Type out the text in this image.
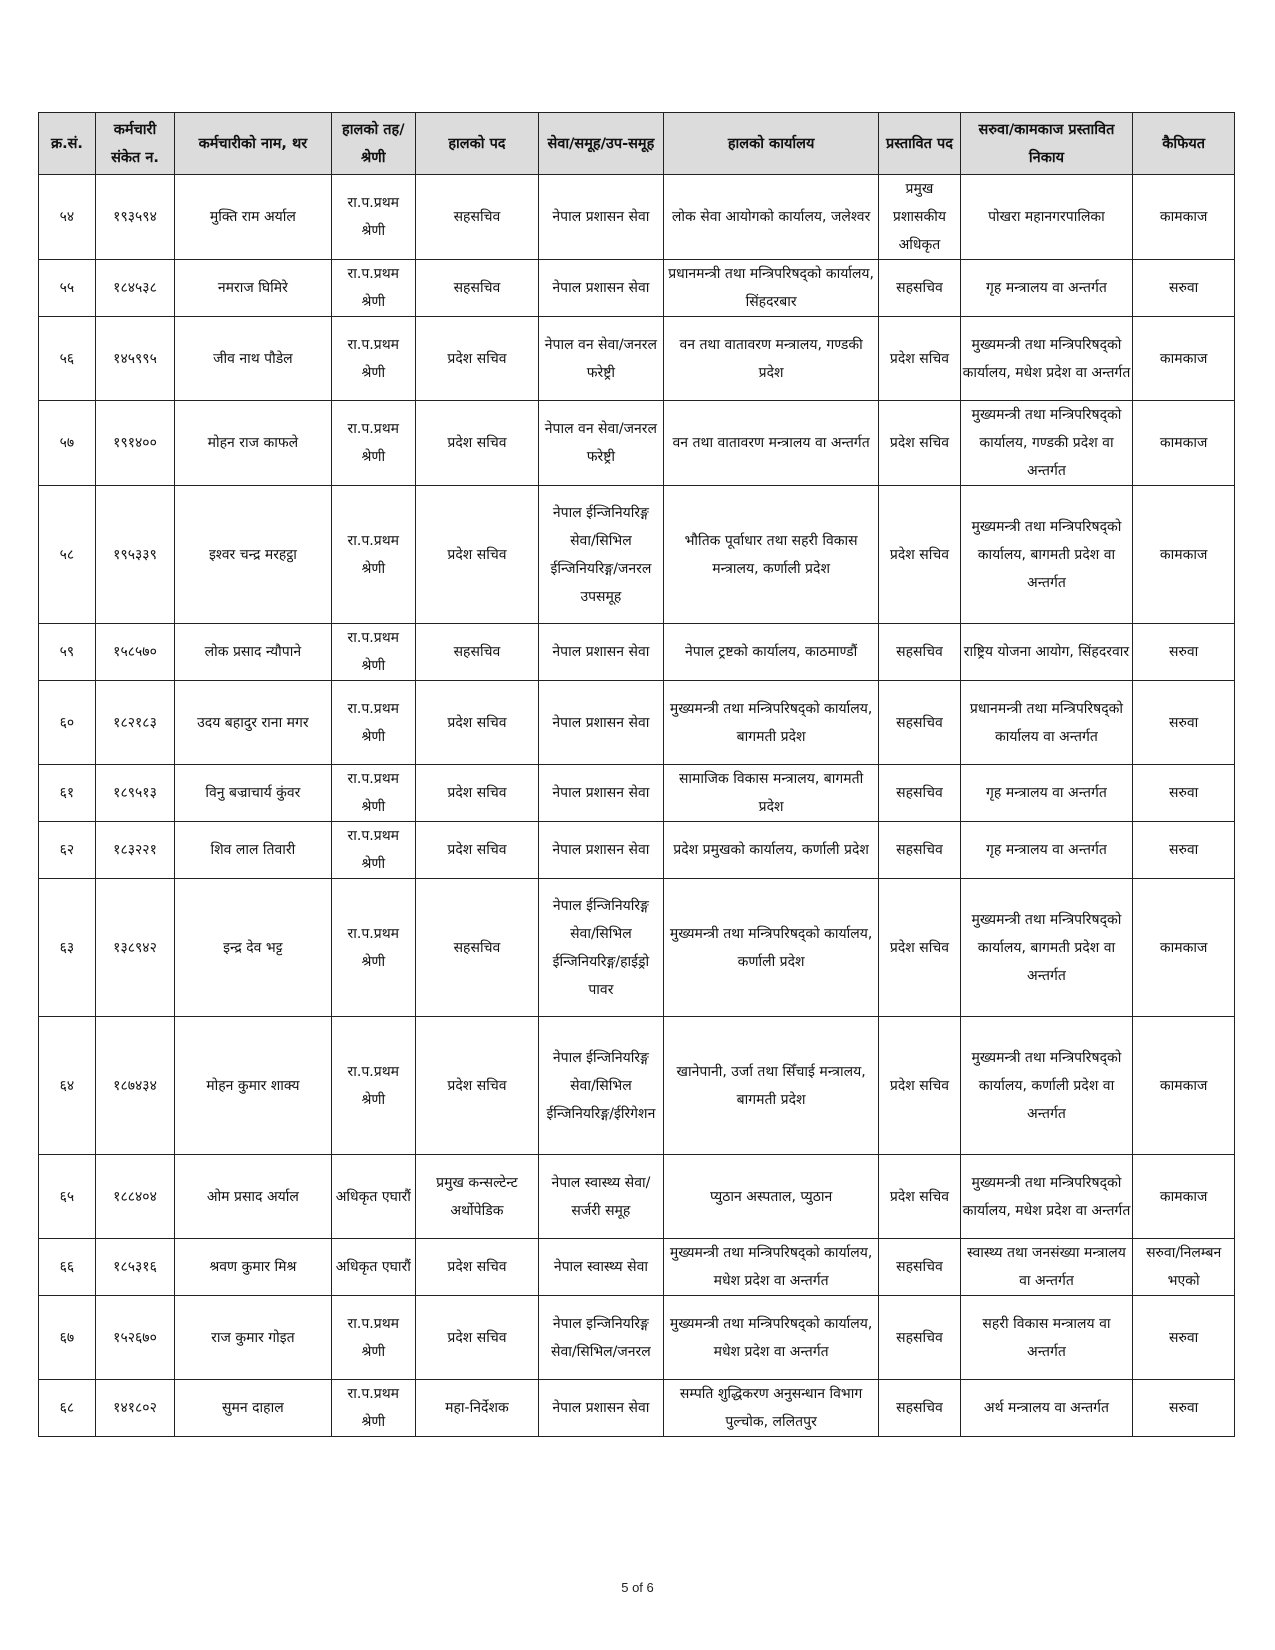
क्र.सं.	कर्मचारी संकेत न.	कर्मचारीको नाम, थर	हालको तह/श्रेणी	हालको पद	सेवा/समूह/उप-समूह	हालको कार्यालय	प्रस्तावित पद	सरुवा/कामकाज प्रस्तावित निकाय	कैफियत
५४	१९३५९४	मुक्ति राम अर्याल	रा.प.प्रथम श्रेणी	सहसचिव	नेपाल प्रशासन सेवा	लोक सेवा आयोगको कार्यालय, जलेश्वर	प्रमुख प्रशासकीय अधिकृत	पोखरा महानगरपालिका	कामकाज
५५	१८४५३८	नमराज घिमिरे	रा.प.प्रथम श्रेणी	सहसचिव	नेपाल प्रशासन सेवा	प्रधानमन्त्री तथा मन्त्रिपरिषद्को कार्यालय, सिंहदरबार	सहसचिव	गृह मन्त्रालय वा अन्तर्गत	सरुवा
५६	१४५९९५	जीव नाथ पौडेल	रा.प.प्रथम श्रेणी	प्रदेश सचिव	नेपाल वन सेवा/जनरल फरेष्ट्री	वन तथा वातावरण मन्त्रालय, गण्डकी प्रदेश	प्रदेश सचिव	मुख्यमन्त्री तथा मन्त्रिपरिषद्को कार्यालय, मधेश प्रदेश वा अन्तर्गत	कामकाज
५७	१९१४००	मोहन राज काफले	रा.प.प्रथम श्रेणी	प्रदेश सचिव	नेपाल वन सेवा/जनरल फरेष्ट्री	वन तथा वातावरण मन्त्रालय वा अन्तर्गत	प्रदेश सचिव	मुख्यमन्त्री तथा मन्त्रिपरिषद्को कार्यालय, गण्डकी प्रदेश वा अन्तर्गत	कामकाज
५८	१९५३३९	इश्वर चन्द्र मरहट्ठा	रा.प.प्रथम श्रेणी	प्रदेश सचिव	नेपाल ईन्जिनियरिङ्ग सेवा/सिभिल ईन्जिनियरिङ्ग/जनरल उपसमूह	भौतिक पूर्वाधार तथा सहरी विकास मन्त्रालय, कर्णाली प्रदेश	प्रदेश सचिव	मुख्यमन्त्री तथा मन्त्रिपरिषद्को कार्यालय, बागमती प्रदेश वा अन्तर्गत	कामकाज
५९	१५८५७०	लोक प्रसाद न्यौपाने	रा.प.प्रथम श्रेणी	सहसचिव	नेपाल प्रशासन सेवा	नेपाल ट्रष्टको कार्यालय, काठमाण्डौं	सहसचिव	राष्ट्रिय योजना आयोग, सिंहदरवार	सरुवा
६०	१८२१८३	उदय बहादुर राना मगर	रा.प.प्रथम श्रेणी	प्रदेश सचिव	नेपाल प्रशासन सेवा	मुख्यमन्त्री तथा मन्त्रिपरिषद्को कार्यालय, बागमती प्रदेश	सहसचिव	प्रधानमन्त्री तथा मन्त्रिपरिषद्को कार्यालय वा अन्तर्गत	सरुवा
६१	१८९५१३	विनु बज्राचार्य कुंवर	रा.प.प्रथम श्रेणी	प्रदेश सचिव	नेपाल प्रशासन सेवा	सामाजिक विकास मन्त्रालय, बागमती प्रदेश	सहसचिव	गृह मन्त्रालय वा अन्तर्गत	सरुवा
६२	१८३२२१	शिव लाल तिवारी	रा.प.प्रथम श्रेणी	प्रदेश सचिव	नेपाल प्रशासन सेवा	प्रदेश प्रमुखको कार्यालय, कर्णाली प्रदेश	सहसचिव	गृह मन्त्रालय वा अन्तर्गत	सरुवा
६३	१३८९४२	इन्द्र देव भट्ट	रा.प.प्रथम श्रेणी	सहसचिव	नेपाल ईन्जिनियरिङ्ग सेवा/सिभिल ईन्जिनियरिङ्ग/हाईड्रो पावर	मुख्यमन्त्री तथा मन्त्रिपरिषद्को कार्यालय, कर्णाली प्रदेश	प्रदेश सचिव	मुख्यमन्त्री तथा मन्त्रिपरिषद्को कार्यालय, बागमती प्रदेश वा अन्तर्गत	कामकाज
६४	१८७४३४	मोहन कुमार शाक्य	रा.प.प्रथम श्रेणी	प्रदेश सचिव	नेपाल ईन्जिनियरिङ्ग सेवा/सिभिल ईन्जिनियरिङ्ग/ईरिगेशन	खानेपानी, उर्जा तथा सिँचाई मन्त्रालय, बागमती प्रदेश	प्रदेश सचिव	मुख्यमन्त्री तथा मन्त्रिपरिषद्को कार्यालय, कर्णाली प्रदेश वा अन्तर्गत	कामकाज
६५	१८८४०४	ओम प्रसाद अर्याल	अधिकृत एघारौं	प्रमुख कन्सल्टेन्ट अर्थोपेडिक	नेपाल स्वास्थ्य सेवा/सर्जरी समूह	प्युठान अस्पताल, प्युठान	प्रदेश सचिव	मुख्यमन्त्री तथा मन्त्रिपरिषद्को कार्यालय, मधेश प्रदेश वा अन्तर्गत	कामकाज
६६	१८५३१६	श्रवण कुमार मिश्र	अधिकृत एघारौं	प्रदेश सचिव	नेपाल स्वास्थ्य सेवा	मुख्यमन्त्री तथा मन्त्रिपरिषद्को कार्यालय, मधेश प्रदेश वा अन्तर्गत	सहसचिव	स्वास्थ्य तथा जनसंख्या मन्त्रालय वा अन्तर्गत	सरुवा/निलम्बन भएको
६७	१५२६७०	राज कुमार गोइत	रा.प.प्रथम श्रेणी	प्रदेश सचिव	नेपाल इन्जिनियरिङ्ग सेवा/सिभिल/जनरल	मुख्यमन्त्री तथा मन्त्रिपरिषद्को कार्यालय, मधेश प्रदेश वा अन्तर्गत	सहसचिव	सहरी विकास मन्त्रालय वा अन्तर्गत	सरुवा
६८	१४१८०२	सुमन दाहाल	रा.प.प्रथम श्रेणी	महा-निर्देशक	नेपाल प्रशासन सेवा	सम्पति शुद्धिकरण अनुसन्धान विभाग पुल्चोक, ललितपुर	सहसचिव	अर्थ मन्त्रालय वा अन्तर्गत	सरुवा
5 of 6
